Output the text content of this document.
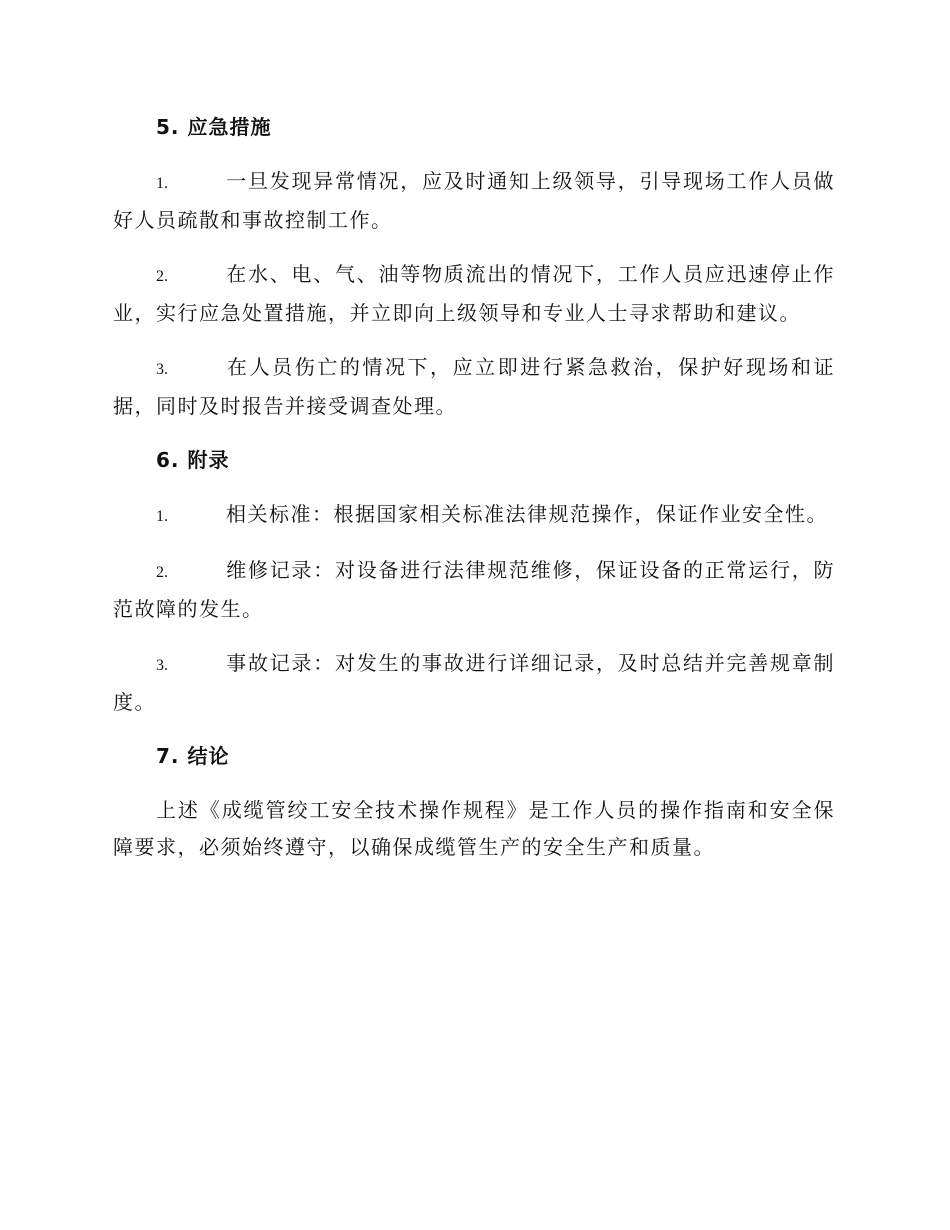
5. 应急措施
1.	一旦发现异常情况，应及时通知上级领导，引导现场工作人员做好人员疏散和事故控制工作。
2.	在水、电、气、油等物质流出的情况下，工作人员应迅速停止作业，实行应急处置措施，并立即向上级领导和专业人士寻求帮助和建议。
3.	在人员伤亡的情况下，应立即进行紧急救治，保护好现场和证据，同时及时报告并接受调查处理。
6. 附录
1.	相关标准：根据国家相关标准法律规范操作，保证作业安全性。
2.	维修记录：对设备进行法律规范维修，保证设备的正常运行，防范故障的发生。
3.	事故记录：对发生的事故进行详细记录，及时总结并完善规章制度。
7. 结论
上述《成缆管绞工安全技术操作规程》是工作人员的操作指南和安全保障要求，必须始终遵守，以确保成缆管生产的安全生产和质量。
